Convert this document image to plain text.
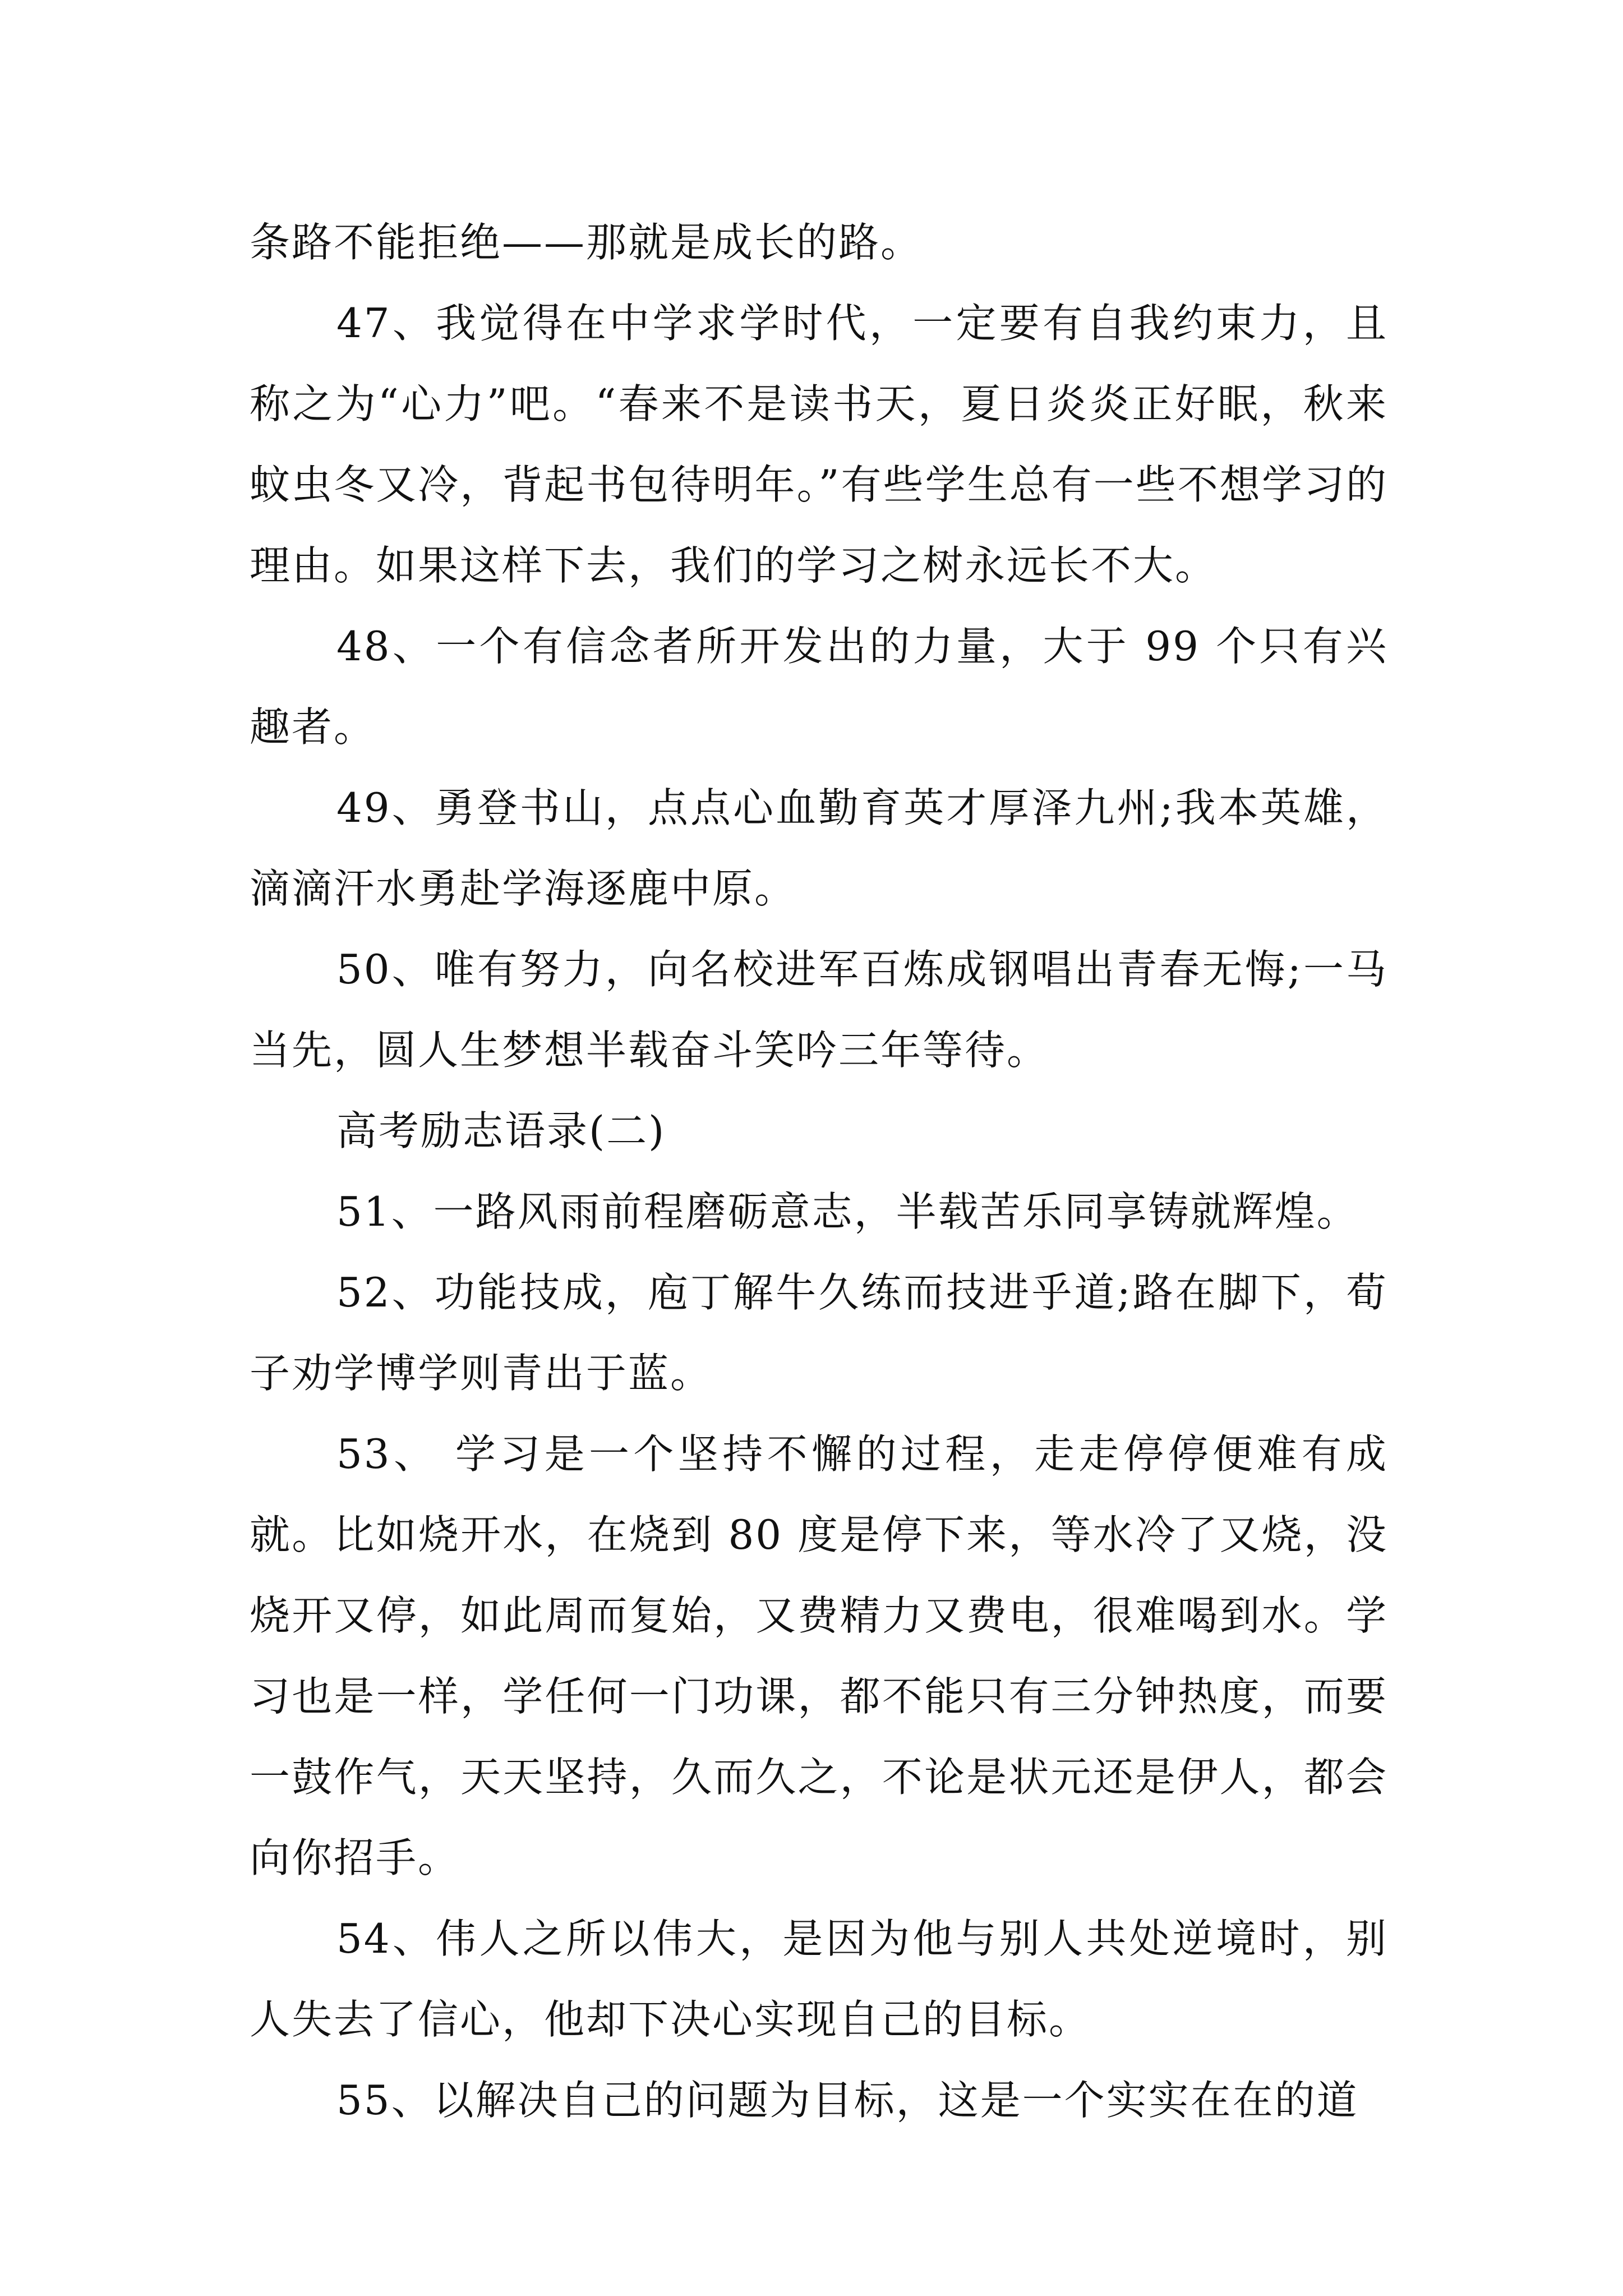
条路不能拒绝——那就是成长的路。

47、我觉得在中学求学时代，一定要有自我约束力，且称之为“心力”吧。“春来不是读书天，夏日炎炎正好眠，秋来蚊虫冬又冷，背起书包待明年。”有些学生总有一些不想学习的理由。如果这样下去，我们的学习之树永远长不大。

48、一个有信念者所开发出的力量，大于 99 个只有兴趣者。

49、勇登书山，点点心血勤育英才厚泽九州;我本英雄，滴滴汗水勇赴学海逐鹿中原。

50、唯有努力，向名校进军百炼成钢唱出青春无悔;一马当先，圆人生梦想半载奋斗笑吟三年等待。

高考励志语录(二)

51、一路风雨前程磨砺意志，半载苦乐同享铸就辉煌。

52、功能技成，庖丁解牛久练而技进乎道;路在脚下，荀子劝学博学则青出于蓝。

53、 学习是一个坚持不懈的过程，走走停停便难有成就。比如烧开水，在烧到 80 度是停下来，等水冷了又烧，没烧开又停，如此周而复始，又费精力又费电，很难喝到水。学习也是一样，学任何一门功课，都不能只有三分钟热度，而要一鼓作气，天天坚持，久而久之，不论是状元还是伊人，都会向你招手。

54、伟人之所以伟大，是因为他与别人共处逆境时，别人失去了信心，他却下决心实现自己的目标。

55、以解决自己的问题为目标，这是一个实实在在的道
